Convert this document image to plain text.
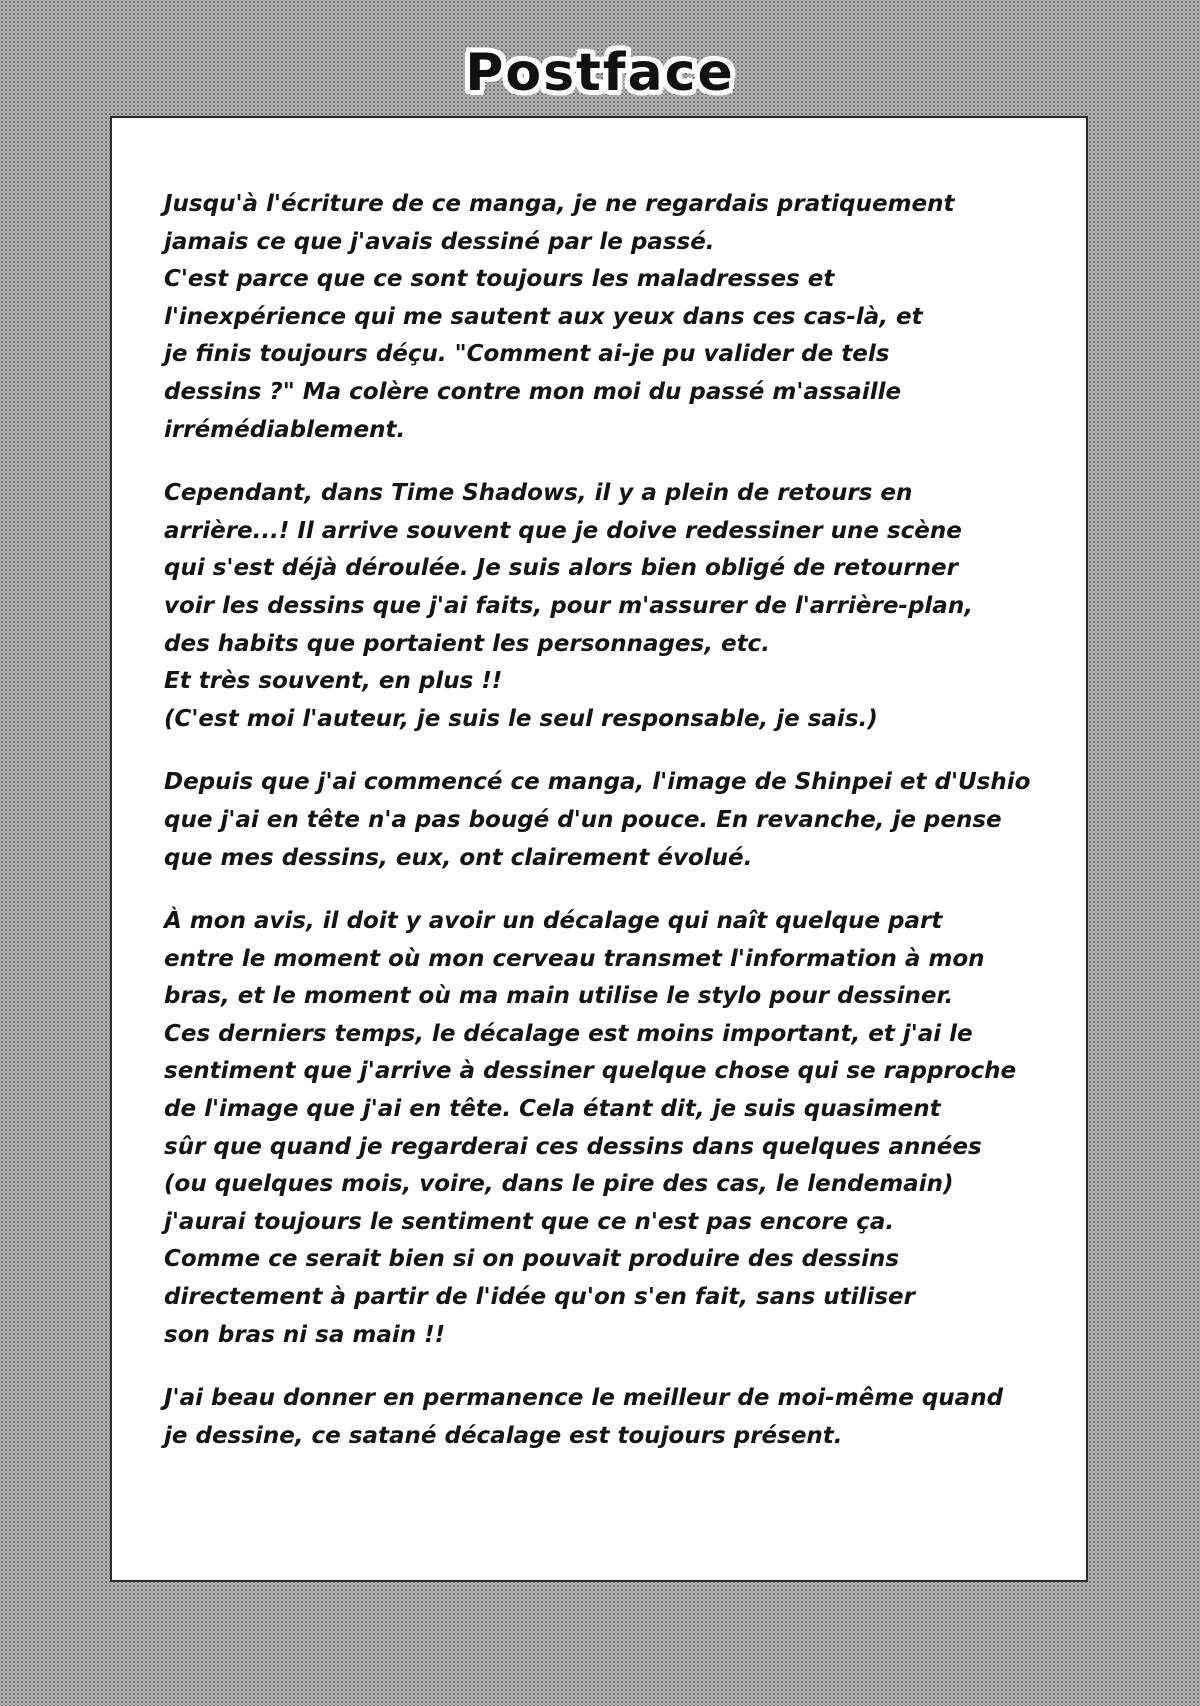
Postface

Jusqu'à l'écriture de ce manga, je ne regardais pratiquement
jamais ce que j'avais dessiné par le passé.
C'est parce que ce sont toujours les maladresses et
l'inexpérience qui me sautent aux yeux dans ces cas-là, et
je finis toujours déçu. "Comment ai-je pu valider de tels
dessins ?" Ma colère contre mon moi du passé m'assaille
irrémédiablement.

Cependant, dans Time Shadows, il y a plein de retours en
arrière...! Il arrive souvent que je doive redessiner une scène
qui s'est déjà déroulée. Je suis alors bien obligé de retourner
voir les dessins que j'ai faits, pour m'assurer de l'arrière-plan,
des habits que portaient les personnages, etc.
Et très souvent, en plus !!
(C'est moi l'auteur, je suis le seul responsable, je sais.)

Depuis que j'ai commencé ce manga, l'image de Shinpei et d'Ushio
que j'ai en tête n'a pas bougé d'un pouce. En revanche, je pense
que mes dessins, eux, ont clairement évolué.

À mon avis, il doit y avoir un décalage qui naît quelque part
entre le moment où mon cerveau transmet l'information à mon
bras, et le moment où ma main utilise le stylo pour dessiner.
Ces derniers temps, le décalage est moins important, et j'ai le
sentiment que j'arrive à dessiner quelque chose qui se rapproche
de l'image que j'ai en tête. Cela étant dit, je suis quasiment
sûr que quand je regarderai ces dessins dans quelques années
(ou quelques mois, voire, dans le pire des cas, le lendemain)
j'aurai toujours le sentiment que ce n'est pas encore ça.
Comme ce serait bien si on pouvait produire des dessins
directement à partir de l'idée qu'on s'en fait, sans utiliser
son bras ni sa main !!

J'ai beau donner en permanence le meilleur de moi-même quand
je dessine, ce satané décalage est toujours présent.
